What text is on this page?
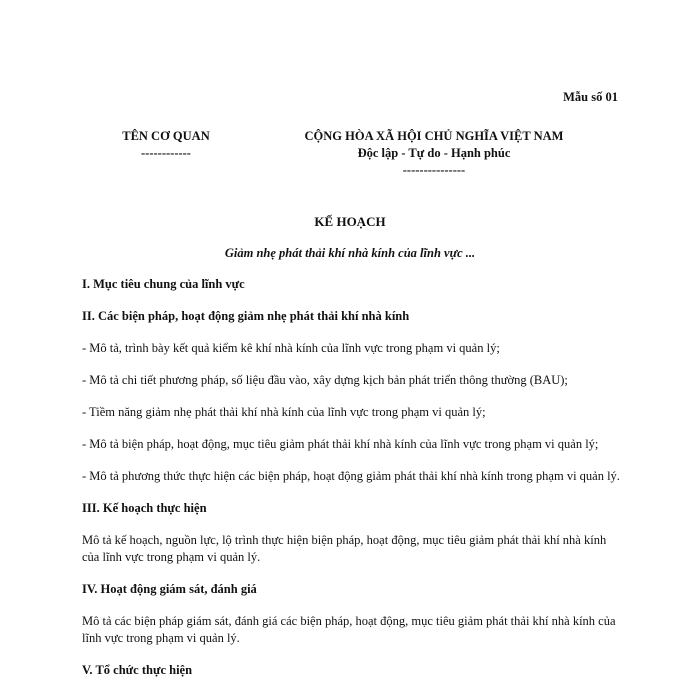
Mẫu số 01
TÊN CƠ QUAN
------------
CỘNG HÒA XÃ HỘI CHỦ NGHĨA VIỆT NAM
Độc lập - Tự do - Hạnh phúc
---------------
KẾ HOẠCH
Giảm nhẹ phát thải khí nhà kính của lĩnh vực ...
I. Mục tiêu chung của lĩnh vực
II. Các biện pháp, hoạt động giảm nhẹ phát thải khí nhà kính

- Mô tả, trình bày kết quả kiểm kê khí nhà kính của lĩnh vực trong phạm vi quản lý;

- Mô tả chi tiết phương pháp, số liệu đầu vào, xây dựng kịch bản phát triển thông thường (BAU);

- Tiềm năng giảm nhẹ phát thải khí nhà kính của lĩnh vực trong phạm vi quản lý;

- Mô tả biện pháp, hoạt động, mục tiêu giảm phát thải khí nhà kính của lĩnh vực trong phạm vi quản lý;

- Mô tả phương thức thực hiện các biện pháp, hoạt động giảm phát thải khí nhà kính trong phạm vi quản lý.

III. Kế hoạch thực hiện

Mô tả kế hoạch, nguồn lực, lộ trình thực hiện biện pháp, hoạt động, mục tiêu giảm phát thải khí nhà kính của lĩnh vực trong phạm vi quản lý.

IV. Hoạt động giám sát, đánh giá

Mô tả các biện pháp giám sát, đánh giá các biện pháp, hoạt động, mục tiêu giảm phát thải khí nhà kính của lĩnh vực trong phạm vi quản lý.

V. Tổ chức thực hiện
